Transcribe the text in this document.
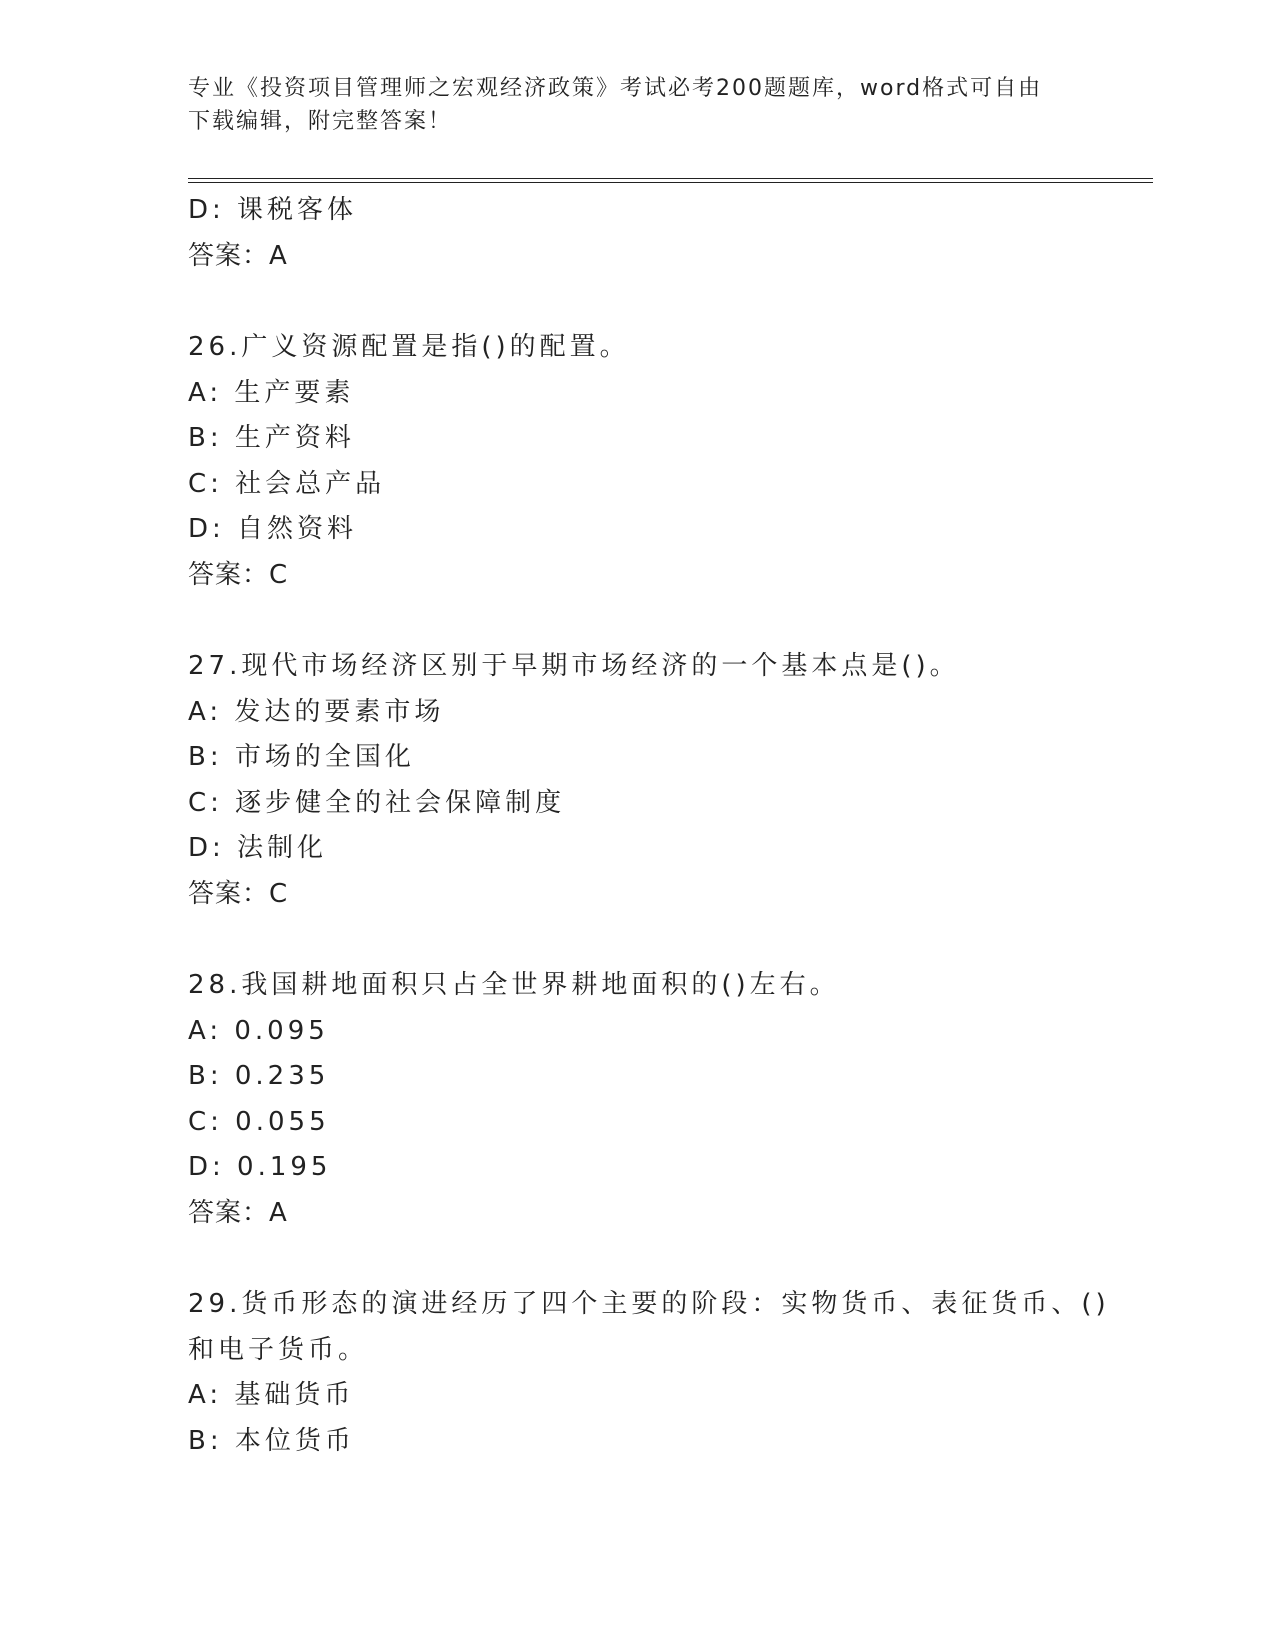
专业《投资项目管理师之宏观经济政策》考试必考200题题库，word格式可自由
下载编辑，附完整答案！
D: 课税客体
答案：A
26.广义资源配置是指()的配置。
A: 生产要素
B: 生产资料
C: 社会总产品
D: 自然资料
答案：C
27.现代市场经济区别于早期市场经济的一个基本点是()。
A: 发达的要素市场
B: 市场的全国化
C: 逐步健全的社会保障制度
D: 法制化
答案：C
28.我国耕地面积只占全世界耕地面积的()左右。
A: 0.095
B: 0.235
C: 0.055
D: 0.195
答案：A
29.货币形态的演进经历了四个主要的阶段：实物货币、表征货币、()
和电子货币。
A: 基础货币
B: 本位货币
